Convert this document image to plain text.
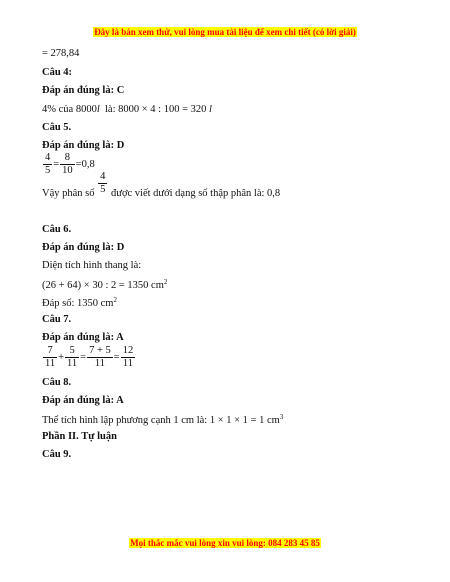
Đây là bản xem thử, vui lòng mua tài liệu để xem chi tiết (có lời giải)
= 278,84
Câu 4:
Đáp án đúng là: C
4% của 8000l  là: 8000 × 4 : 100 = 320 l
Câu 5.
Đáp án đúng là: D
$\frac{4}{5} = \frac{8}{10} =0,8$
Vậy phân số $\frac{4}{5}$ được viết dưới dạng số thập phân là: 0,8
Câu 6.
Đáp án đúng là: D
Diện tích hình thang là:
(26 + 64) × 30 : 2 = 1350 $cm^2$
Đáp số: 1350 $cm^2$
Câu 7.
Đáp án đúng là: A
$\frac{7}{11} + \frac{5}{11} = \frac{7 + 5}{11} = \frac{12}{11}$
Câu 8.
Đáp án đúng là: A
Thể tích hình lập phương cạnh 1 cm là: 1 × 1 × 1 = 1 $cm^3$
Phần II. Tự luận
Câu 9.
Mọi thắc mắc vui lòng xin vui lòng: 084 283 45 85
